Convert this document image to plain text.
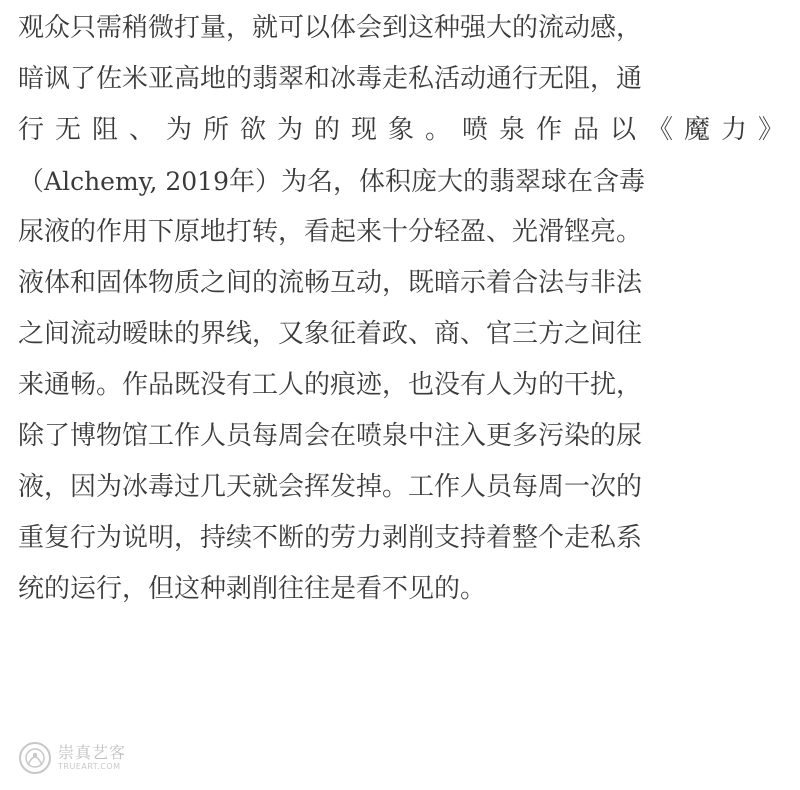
观众只需稍微打量，就可以体会到这种强大的流动感，
暗讽了佐米亚高地的翡翠和冰毒走私活动通行无阻，通
行无阻、为所欲为的现象。喷泉作品以《魔力》
（Alchemy, 2019年）为名，体积庞大的翡翠球在含毒
尿液的作用下原地打转，看起来十分轻盈、光滑铿亮。
液体和固体物质之间的流畅互动，既暗示着合法与非法
之间流动暧昧的界线，又象征着政、商、官三方之间往
来通畅。作品既没有工人的痕迹，也没有人为的干扰，
除了博物馆工作人员每周会在喷泉中注入更多污染的尿
液，因为冰毒过几天就会挥发掉。工作人员每周一次的
重复行为说明，持续不断的劳力剥削支持着整个走私系
统的运行，但这种剥削往往是看不见的。
崇真艺客
TRUEART.COM
